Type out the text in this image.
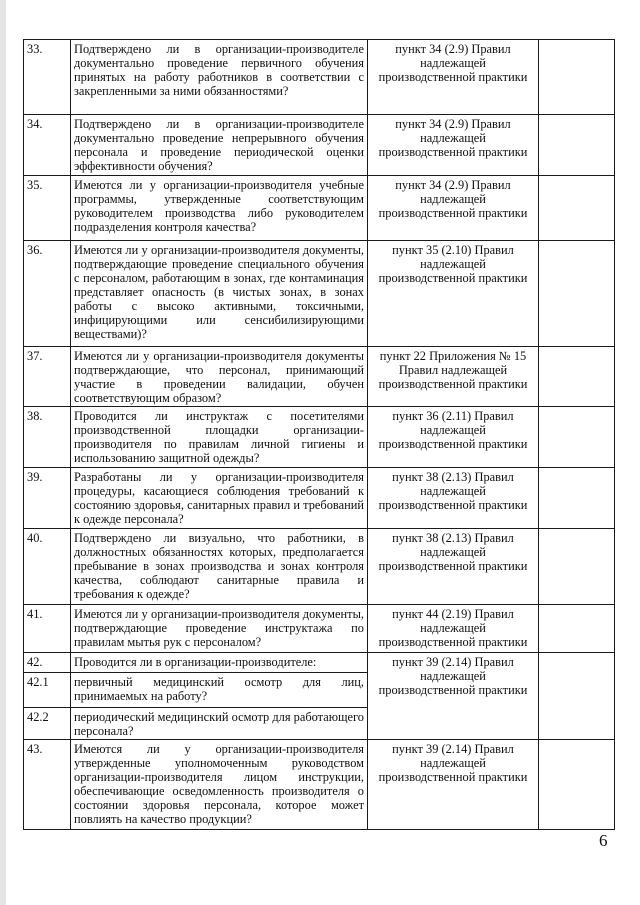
33.	Подтверждено ли в организации-производителе документально проведение первичного обучения принятых на работу работников в соответствии с закрепленными за ними обязанностями?	пункт 34 (2.9) Правил надлежащей производственной практики	
34.	Подтверждено ли в организации-производителе документально проведение непрерывного обучения персонала и проведение периодической оценки эффективности обучения?	пункт 34 (2.9) Правил надлежащей производственной практики	
35.	Имеются ли у организации-производителя учебные программы, утвержденные соответствующим руководителем производства либо руководителем подразделения контроля качества?	пункт 34 (2.9) Правил надлежащей производственной практики	
36.	Имеются ли у организации-производителя документы, подтверждающие проведение специального обучения с персоналом, работающим в зонах, где контаминация представляет опасность (в чистых зонах, в зонах работы с высоко активными, токсичными, инфицирующими или сенсибилизирующими веществами)?	пункт 35 (2.10) Правил надлежащей производственной практики	
37.	Имеются ли у организации-производителя документы подтверждающие, что персонал, принимающий участие в проведении валидации, обучен соответствующим образом?	пункт 22 Приложения № 15 Правил надлежащей производственной практики	
38.	Проводится ли инструктаж с посетителями производственной площадки организации-производителя по правилам личной гигиены и использованию защитной одежды?	пункт 36 (2.11) Правил надлежащей производственной практики	
39.	Разработаны ли у организации-производителя процедуры, касающиеся соблюдения требований к состоянию здоровья, санитарных правил и требований к одежде персонала?	пункт 38 (2.13) Правил надлежащей производственной практики	
40.	Подтверждено ли визуально, что работники, в должностных обязанностях которых, предполагается пребывание в зонах производства и зонах контроля качества, соблюдают санитарные правила и требования к одежде?	пункт 38 (2.13) Правил надлежащей производственной практики	
41.	Имеются ли у организации-производителя документы, подтверждающие проведение инструктажа по правилам мытья рук с персоналом?	пункт 44 (2.19) Правил надлежащей производственной практики	
42.	Проводится ли в организации-производителе:	пункт 39 (2.14) Правил надлежащей производственной практики	
42.1	первичный медицинский осмотр для лиц, принимаемых на работу?		
42.2	периодический медицинский осмотр для работающего персонала?		
43.	Имеются ли у организации-производителя утвержденные уполномоченным руководством организации-производителя лицом инструкции, обеспечивающие осведомленность производителя о состоянии здоровья персонала, которое может повлиять на качество продукции?	пункт 39 (2.14) Правил надлежащей производственной практики	
6
